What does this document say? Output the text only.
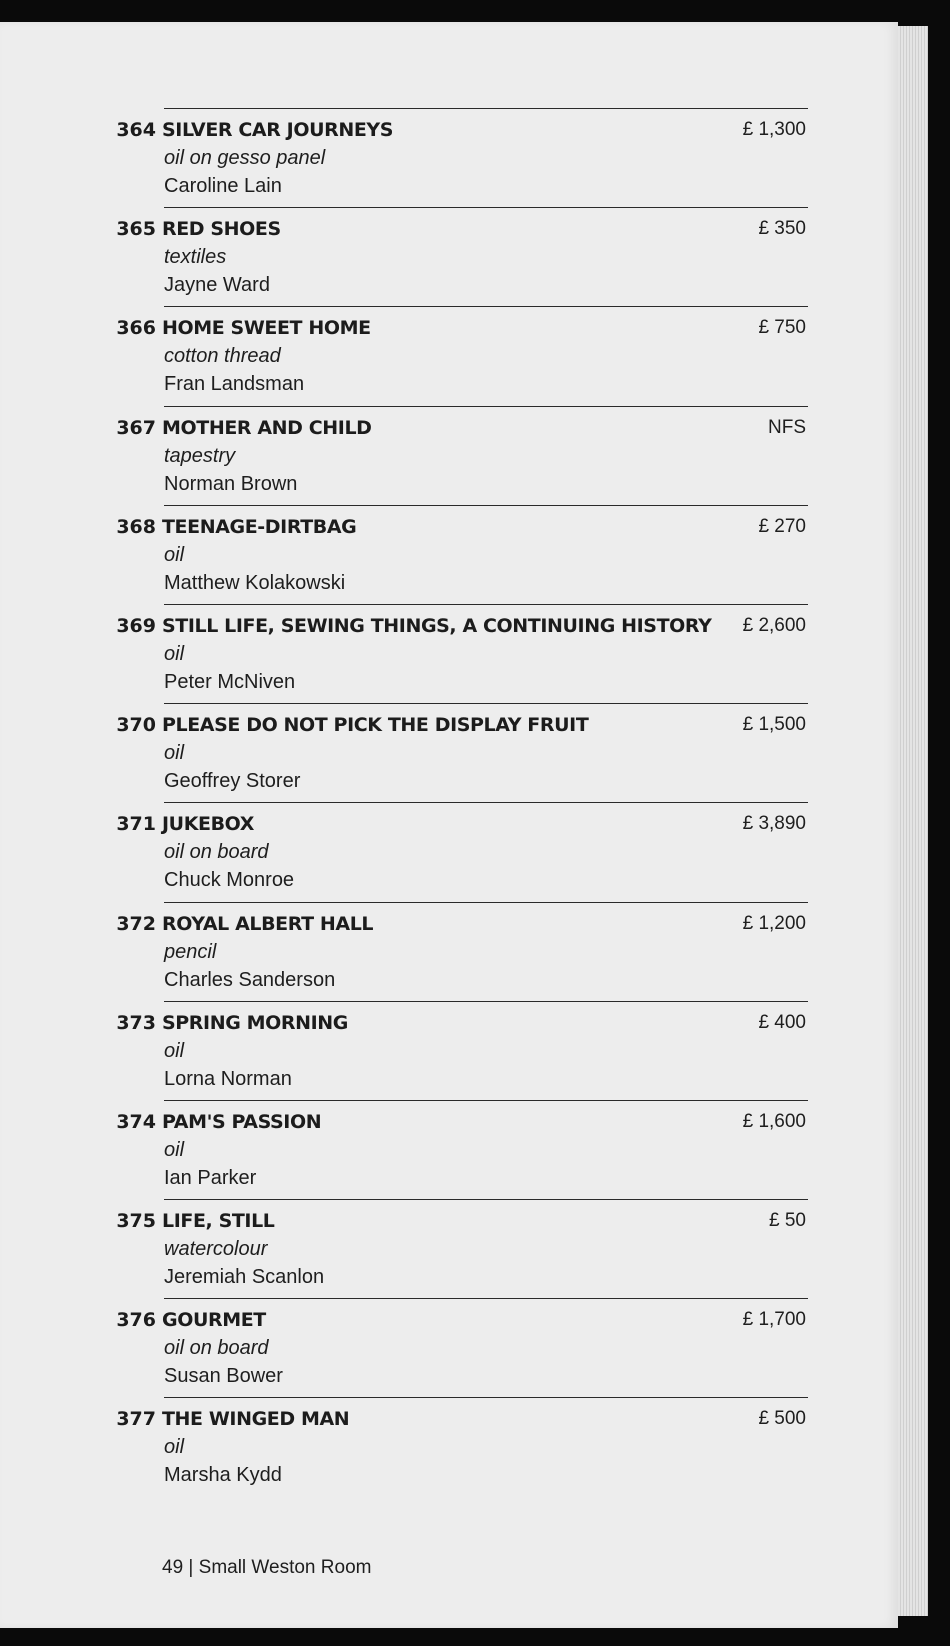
364 SILVER CAR JOURNEYS
oil on gesso panel
Caroline Lain
£ 1,300
365 RED SHOES
textiles
Jayne Ward
£ 350
366 HOME SWEET HOME
cotton thread
Fran Landsman
£ 750
367 MOTHER AND CHILD
tapestry
Norman Brown
NFS
368 TEENAGE-DIRTBAG
oil
Matthew Kolakowski
£ 270
369 STILL LIFE, SEWING THINGS, A CONTINUING HISTORY
oil
Peter McNiven
£ 2,600
370 PLEASE DO NOT PICK THE DISPLAY FRUIT
oil
Geoffrey Storer
£ 1,500
371 JUKEBOX
oil on board
Chuck Monroe
£ 3,890
372 ROYAL ALBERT HALL
pencil
Charles Sanderson
£ 1,200
373 SPRING MORNING
oil
Lorna Norman
£ 400
374 PAM'S PASSION
oil
Ian Parker
£ 1,600
375 LIFE, STILL
watercolour
Jeremiah Scanlon
£ 50
376 GOURMET
oil on board
Susan Bower
£ 1,700
377 THE WINGED MAN
oil
Marsha Kydd
£ 500
49 | Small Weston Room
